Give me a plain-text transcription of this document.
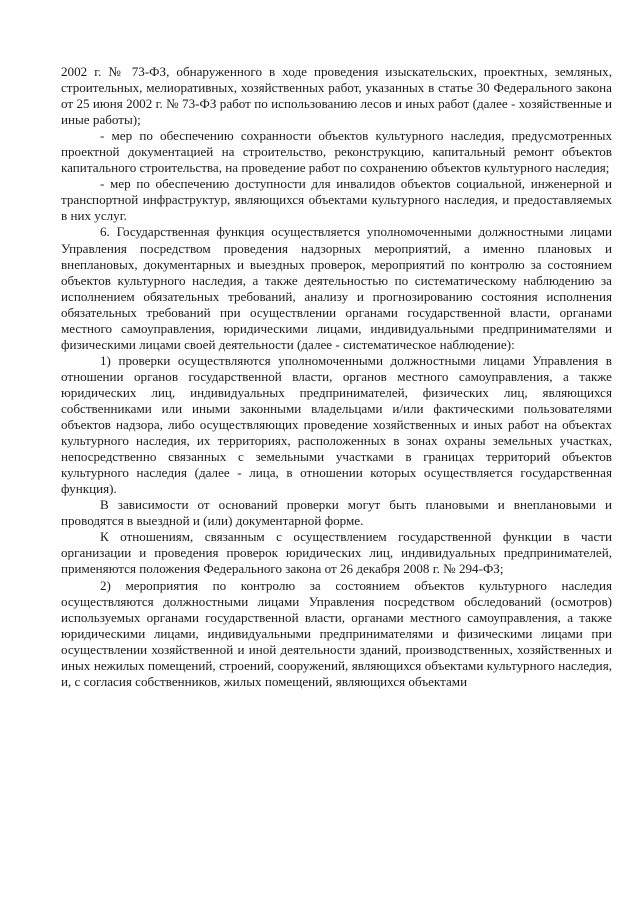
2002 г. № 73-ФЗ, обнаруженного в ходе проведения изыскательских, проектных, земляных, строительных, мелиоративных, хозяйственных работ, указанных в статье 30 Федерального закона от 25 июня 2002 г. № 73-ФЗ работ по использованию лесов и иных работ (далее - хозяйственные и иные работы);

- мер по обеспечению сохранности объектов культурного наследия, предусмотренных проектной документацией на строительство, реконструкцию, капитальный ремонт объектов капитального строительства, на проведение работ по сохранению объектов культурного наследия;

- мер по обеспечению доступности для инвалидов объектов социальной, инженерной и транспортной инфраструктур, являющихся объектами культурного наследия, и предоставляемых в них услуг.

6. Государственная функция осуществляется уполномоченными должностными лицами Управления посредством проведения надзорных мероприятий, а именно плановых и внеплановых, документарных и выездных проверок, мероприятий по контролю за состоянием объектов культурного наследия, а также деятельностью по систематическому наблюдению за исполнением обязательных требований, анализу и прогнозированию состояния исполнения обязательных требований при осуществлении органами государственной власти, органами местного самоуправления, юридическими лицами, индивидуальными предпринимателями и физическими лицами своей деятельности (далее - систематическое наблюдение):

1) проверки осуществляются уполномоченными должностными лицами Управления в отношении органов государственной власти, органов местного самоуправления, а также юридических лиц, индивидуальных предпринимателей, физических лиц, являющихся собственниками или иными законными владельцами и/или фактическими пользователями объектов надзора, либо осуществляющих проведение хозяйственных и иных работ на объектах культурного наследия, их территориях, расположенных в зонах охраны земельных участках, непосредственно связанных с земельными участками в границах территорий объектов культурного наследия (далее - лица, в отношении которых осуществляется государственная функция).

В зависимости от оснований проверки могут быть плановыми и внеплановыми и проводятся в выездной и (или) документарной форме.

К отношениям, связанным с осуществлением государственной функции в части организации и проведения проверок юридических лиц, индивидуальных предпринимателей, применяются положения Федерального закона от 26 декабря 2008 г. № 294-ФЗ;

2) мероприятия по контролю за состоянием объектов культурного наследия осуществляются должностными лицами Управления посредством обследований (осмотров) используемых органами государственной власти, органами местного самоуправления, а также юридическими лицами, индивидуальными предпринимателями и физическими лицами при осуществлении хозяйственной и иной деятельности зданий, производственных, хозяйственных и иных нежилых помещений, строений, сооружений, являющихся объектами культурного наследия, и, с согласия собственников, жилых помещений, являющихся объектами
